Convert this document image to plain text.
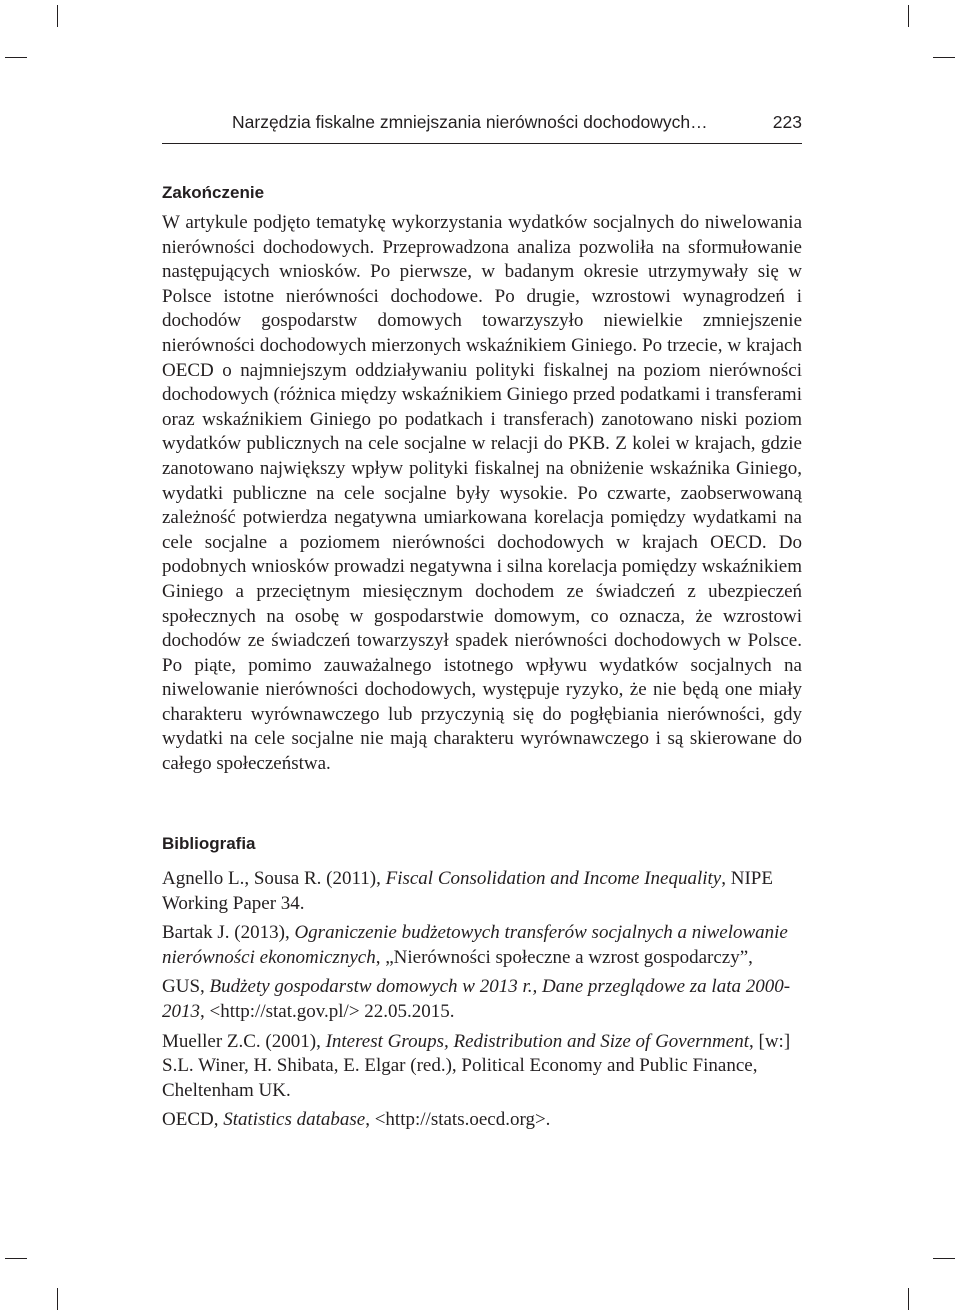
Narzędzia fiskalne zmniejszania nierówności dochodowych…	223
Zakończenie
W artykule podjęto tematykę wykorzystania wydatków socjalnych do niwelowania nierówności dochodowych. Przeprowadzona analiza pozwoliła na sformułowanie następujących wniosków. Po pierwsze, w badanym okresie utrzymywały się w Polsce istotne nierówności dochodowe. Po drugie, wzrostowi wynagrodzeń i dochodów gospodarstw domowych towarzyszyło niewielkie zmniejszenie nierówności dochodowych mierzonych wskaźnikiem Giniego. Po trzecie, w krajach OECD o najmniejszym oddziaływaniu polityki fiskalnej na poziom nierówności dochodowych (różnica między wskaźnikiem Giniego przed podatkami i transferami oraz wskaźnikiem Giniego po podatkach i transferach) zanotowano niski poziom wydatków publicznych na cele socjalne w relacji do PKB. Z kolei w krajach, gdzie zanotowano największy wpływ polityki fiskalnej na obniżenie wskaźnika Giniego, wydatki publiczne na cele socjalne były wysokie. Po czwarte, zaobserwowaną zależność potwierdza negatywna umiarkowana korelacja pomiędzy wydatkami na cele socjalne a poziomem nierówności dochodowych w krajach OECD. Do podobnych wniosków prowadzi negatywna i silna korelacja pomiędzy wskaźnikiem Giniego a przeciętnym miesięcznym dochodem ze świadczeń z ubezpieczeń społecznych na osobę w gospodarstwie domowym, co oznacza, że wzrostowi dochodów ze świadczeń towarzyszył spadek nierówności dochodowych w Polsce. Po piąte, pomimo zauważalnego istotnego wpływu wydatków socjalnych na niwelowanie nierówności dochodowych, występuje ryzyko, że nie będą one miały charakteru wyrównawczego lub przyczynią się do pogłębiania nierówności, gdy wydatki na cele socjalne nie mają charakteru wyrównawczego i są skierowane do całego społeczeństwa.
Bibliografia

Agnello L., Sousa R. (2011), Fiscal Consolidation and Income Inequality, NIPE Working Paper 34.

Bartak J. (2013), Ograniczenie budżetowych transferów socjalnych a niwelowanie nierówności ekonomicznych, „Nierówności społeczne a wzrost gospodarczy”,

GUS, Budżety gospodarstw domowych w 2013 r., Dane przeglądowe za lata 2000-2013, <http://stat.gov.pl/> 22.05.2015.

Mueller Z.C. (2001), Interest Groups, Redistribution and Size of Government, [w:] S.L. Winer, H. Shibata, E. Elgar (red.), Political Economy and Public Finance, Cheltenham UK.

OECD, Statistics database, <http://stats.oecd.org>.
